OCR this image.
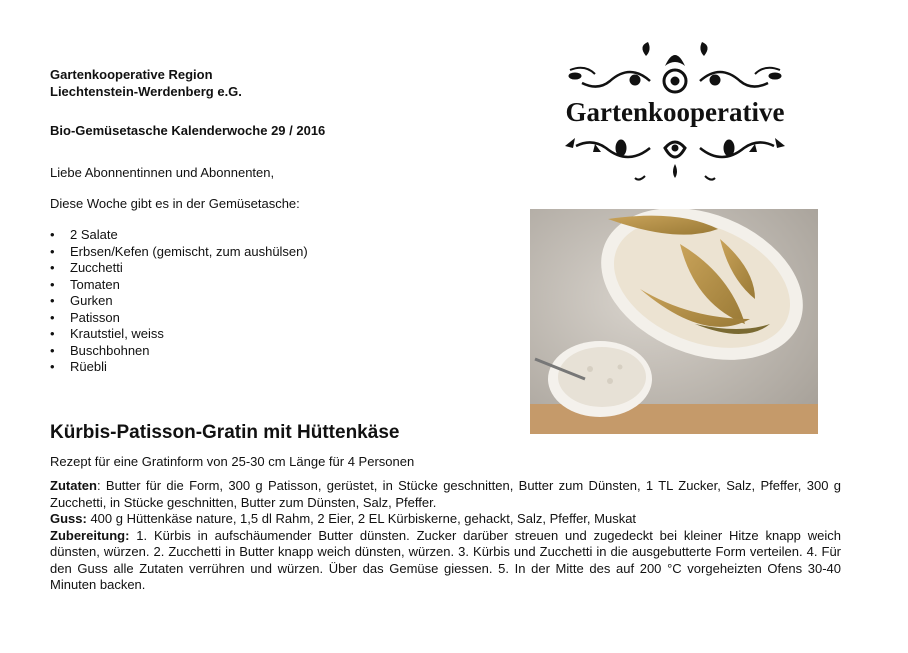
Gartenkooperative Region
Liechtenstein-Werdenberg e.G.
Bio-Gemüsetasche Kalenderwoche 29 / 2016
Liebe Abonnentinnen und Abonnenten,
Diese Woche gibt es in der Gemüsetasche:
• 2 Salate
• Erbsen/Kefen (gemischt, zum aushülsen)
• Zucchetti
• Tomaten
• Gurken
• Patisson
• Krautstiel, weiss
• Buschbohnen
• Rüebli
Gartenkooperative
Kürbis-Patisson-Gratin mit Hüttenkäse
Rezept für eine Gratinform von 25-30 cm Länge für 4 Personen

Zutaten: Butter für die Form, 300 g Patisson, gerüstet, in Stücke geschnitten, Butter zum Dünsten, 1 TL Zucker, Salz, Pfeffer, 300 g Zucchetti, in Stücke geschnitten, Butter zum Dünsten, Salz, Pfeffer.

Guss: 400 g Hüttenkäse nature, 1,5 dl Rahm, 2 Eier, 2 EL Kürbiskerne, gehackt, Salz, Pfeffer, Muskat

Zubereitung: 1. Kürbis in aufschäumender Butter dünsten. Zucker darüber streuen und zugedeckt bei kleiner Hitze knapp weich dünsten, würzen. 2. Zucchetti in Butter knapp weich dünsten, würzen. 3. Kürbis und Zucchetti in die ausgebutterte Form verteilen. 4. Für den Guss alle Zutaten verrühren und würzen. Über das Gemüse giessen. 5. In der Mitte des auf 200 °C vorgeheizten Ofens 30-40 Minuten backen.
